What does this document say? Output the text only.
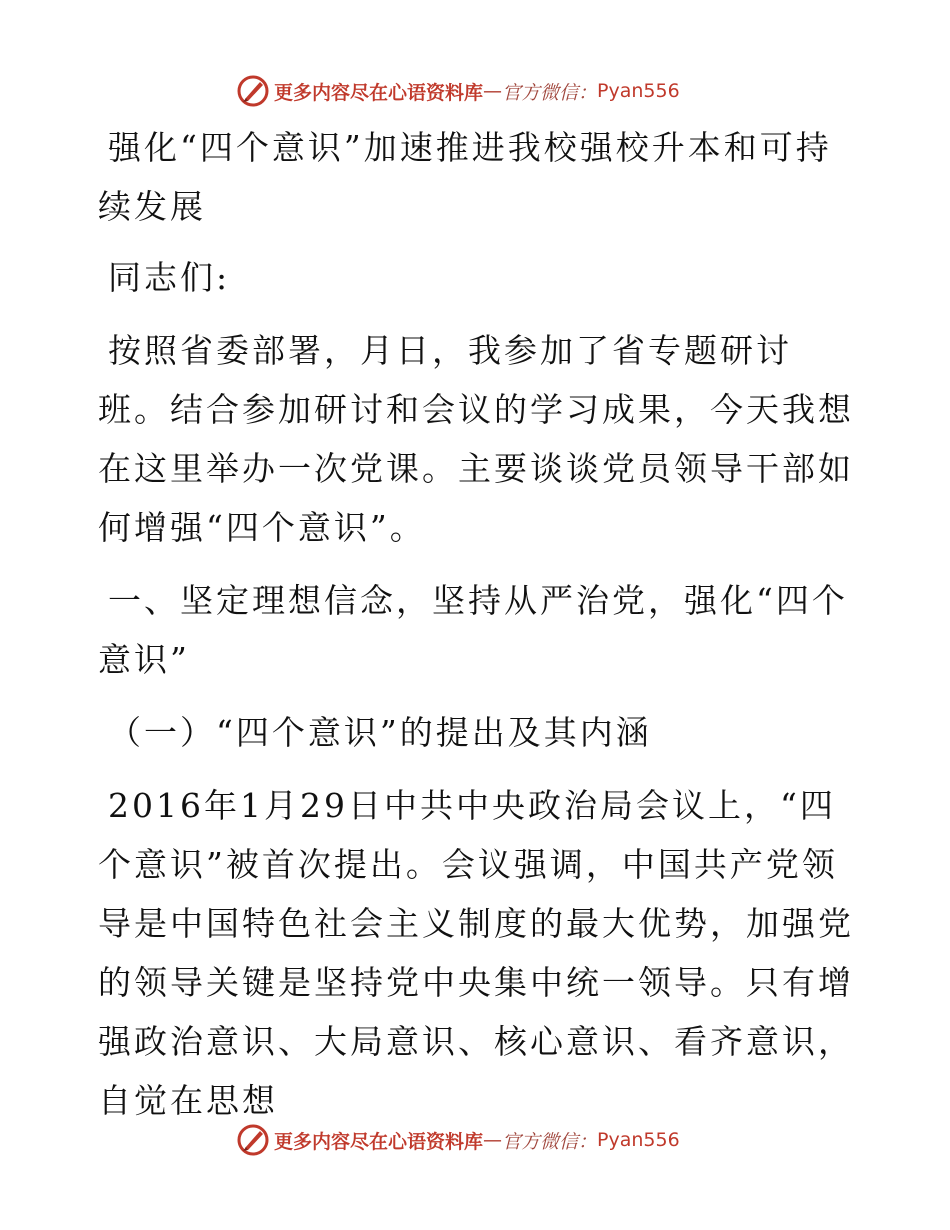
更多内容尽在心语资料库 — 官方微信： Pyan556

强化“四个意识”加速推进我校强校升本和可持续发展

同志们:

按照省委部署，月日，我参加了省专题研讨班。结合参加研讨和会议的学习成果，今天我想在这里举办一次党课。主要谈谈党员领导干部如何增强“四个意识”。

一、坚定理想信念，坚持从严治党，强化“四个意识”

（一）“四个意识”的提出及其内涵

2016年1月29日中共中央政治局会议上，“四个意识”被首次提出。会议强调，中国共产党领导是中国特色社会主义制度的最大优势，加强党的领导关键是坚持党中央集中统一领导。只有增强政治意识、大局意识、核心意识、看齐意识，自觉在思想

更多内容尽在心语资料库 — 官方微信： Pyan556
